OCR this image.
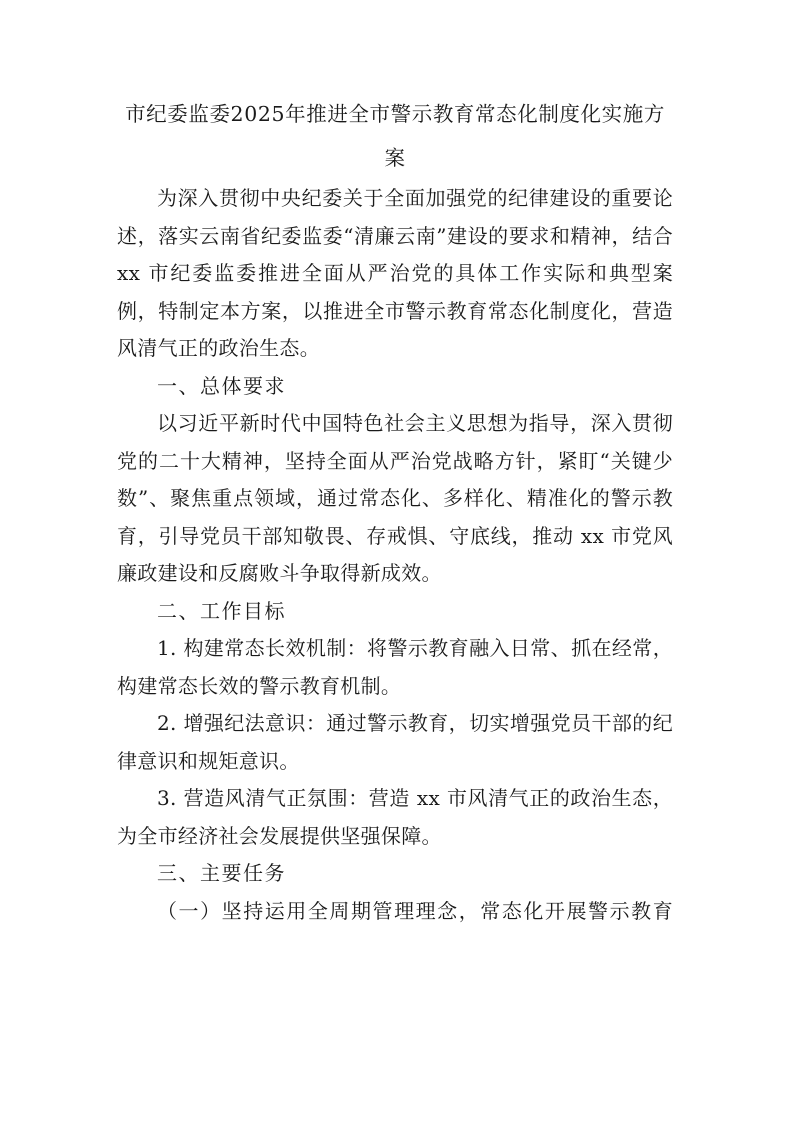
市纪委监委2025年推进全市警示教育常态化制度化实施方案

为深入贯彻中央纪委关于全面加强党的纪律建设的重要论述，落实云南省纪委监委“清廉云南”建设的要求和精神，结合 xx 市纪委监委推进全面从严治党的具体工作实际和典型案例，特制定本方案，以推进全市警示教育常态化制度化，营造风清气正的政治生态。

一、总体要求

以习近平新时代中国特色社会主义思想为指导，深入贯彻党的二十大精神，坚持全面从严治党战略方针，紧盯“关键少数”、聚焦重点领域，通过常态化、多样化、精准化的警示教育，引导党员干部知敬畏、存戒惧、守底线，推动 xx 市党风廉政建设和反腐败斗争取得新成效。

二、工作目标

1. 构建常态长效机制：将警示教育融入日常、抓在经常，构建常态长效的警示教育机制。

2. 增强纪法意识：通过警示教育，切实增强党员干部的纪律意识和规矩意识。

3. 营造风清气正氛围：营造 xx 市风清气正的政治生态，为全市经济社会发展提供坚强保障。

三、主要任务

（一）坚持运用全周期管理理念，常态化开展警示教育
